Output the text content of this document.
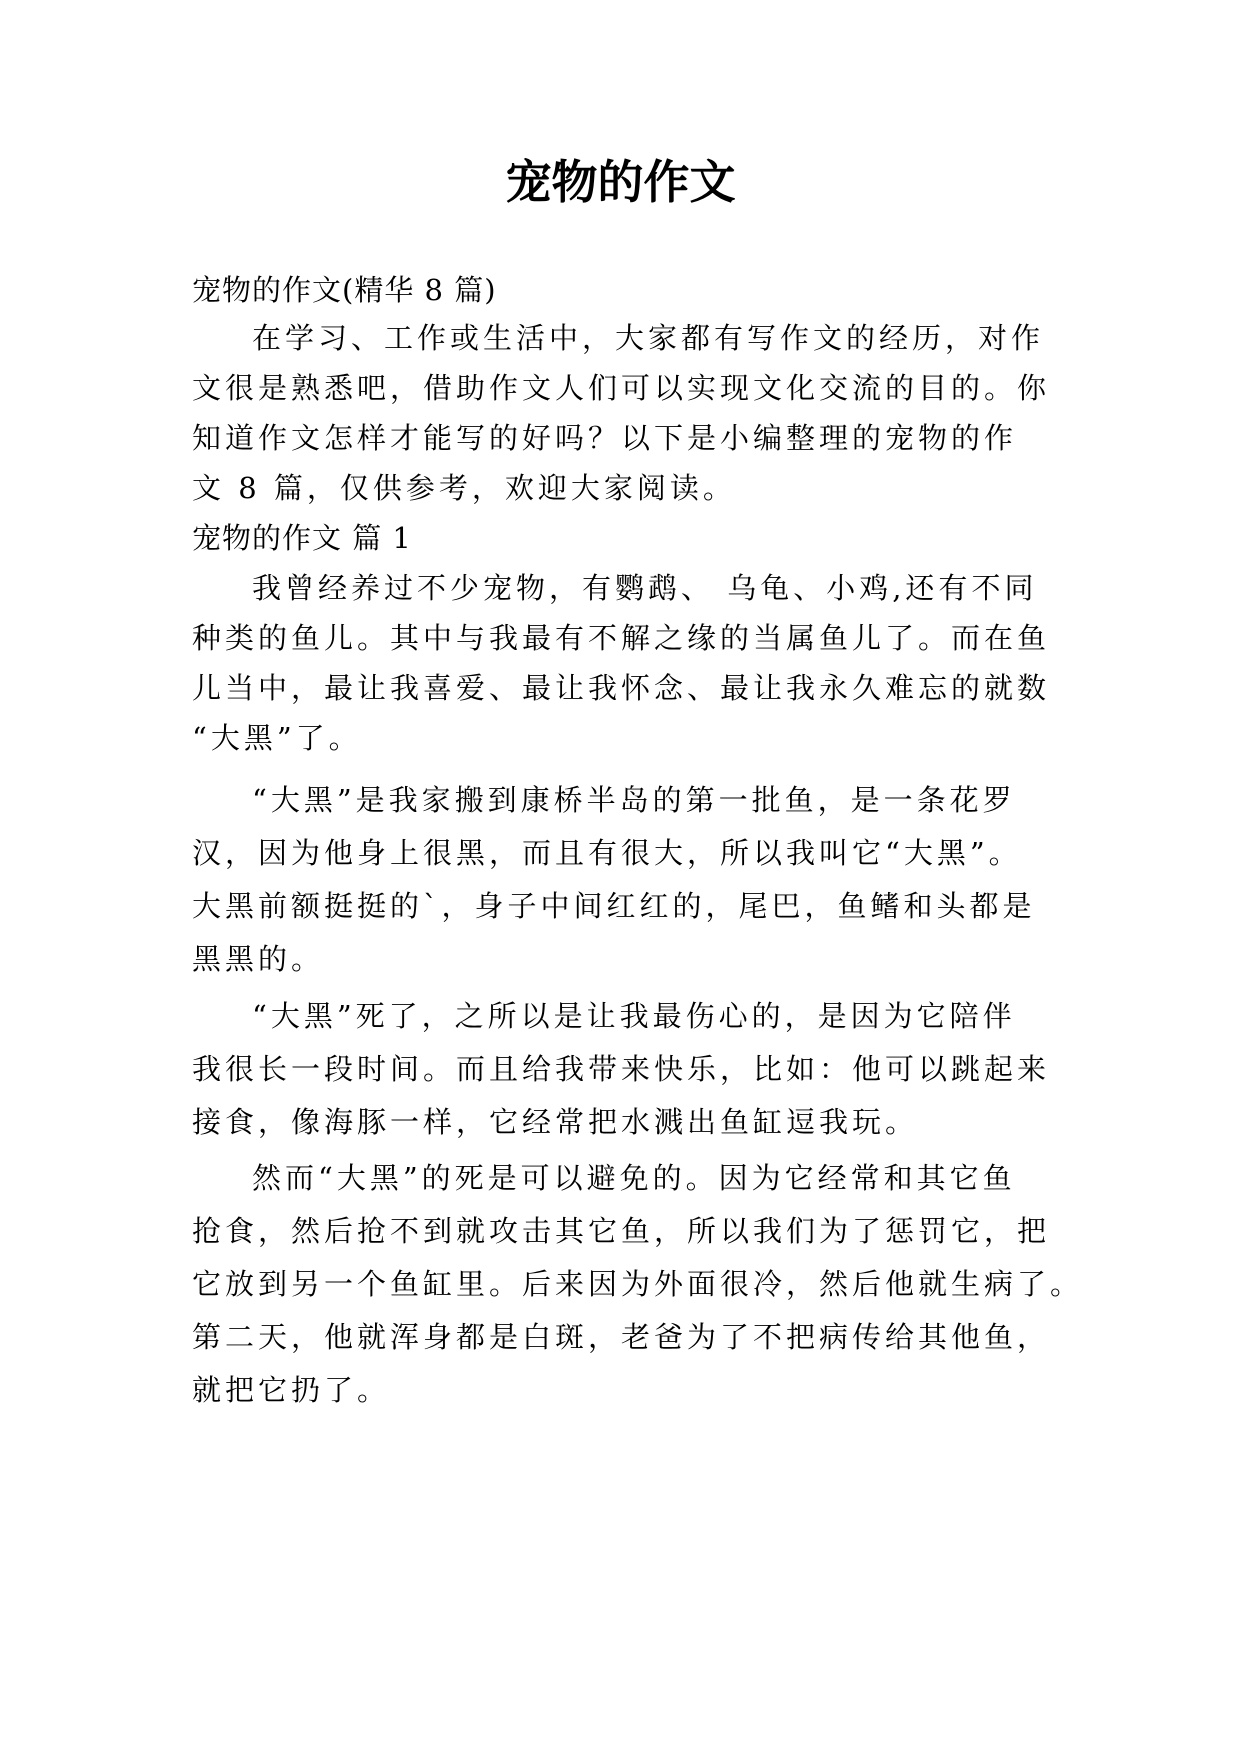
宠物的作文
宠物的作文(精华 8 篇)
在学习、工作或生活中，大家都有写作文的经历，对作
文很是熟悉吧，借助作文人们可以实现文化交流的目的。你
知道作文怎样才能写的好吗？以下是小编整理的宠物的作
文 8 篇，仅供参考，欢迎大家阅读。
宠物的作文 篇 1
我曾经养过不少宠物，有鹦鹉、 乌龟、小鸡,还有不同
种类的鱼儿。其中与我最有不解之缘的当属鱼儿了。而在鱼
儿当中，最让我喜爱、最让我怀念、最让我永久难忘的就数
“大黑”了。
“大黑”是我家搬到康桥半岛的第一批鱼，是一条花罗
汉，因为他身上很黑，而且有很大，所以我叫它“大黑”。
大黑前额挺挺的`，身子中间红红的，尾巴，鱼鳍和头都是
黑黑的。
“大黑”死了，之所以是让我最伤心的，是因为它陪伴
我很长一段时间。而且给我带来快乐，比如：他可以跳起来
接食，像海豚一样，它经常把水溅出鱼缸逗我玩。
然而“大黑”的死是可以避免的。因为它经常和其它鱼
抢食，然后抢不到就攻击其它鱼，所以我们为了惩罚它，把
它放到另一个鱼缸里。后来因为外面很冷，然后他就生病了。
第二天，他就浑身都是白斑，老爸为了不把病传给其他鱼，
就把它扔了。
